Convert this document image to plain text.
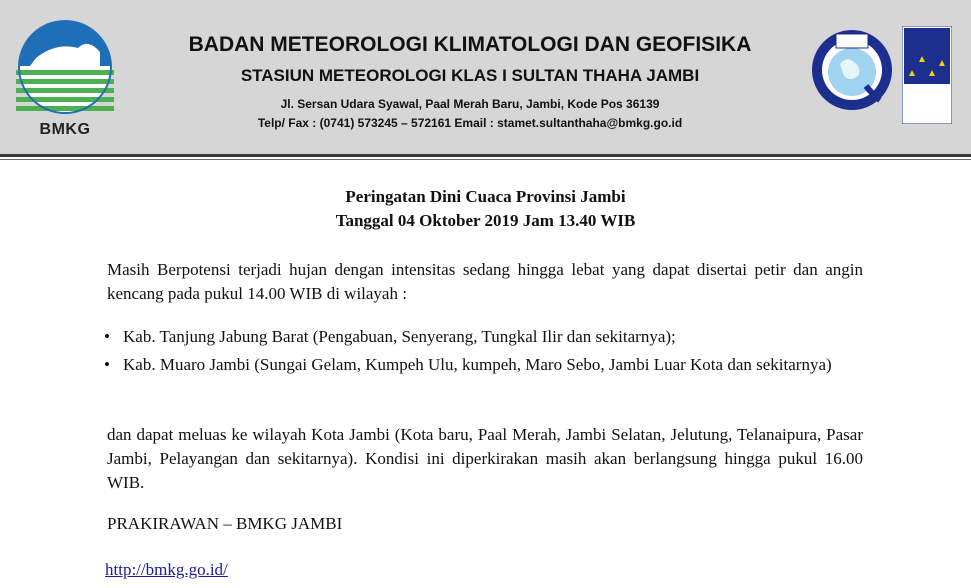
BMKG
BADAN METEOROLOGI KLIMATOLOGI DAN GEOFISIKA
STASIUN METEOROLOGI KLAS I SULTAN THAHA JAMBI
Jl. Sersan Udara Syawal, Paal Merah Baru, Jambi, Kode Pos 36139
Telp/ Fax : (0741) 573245 – 572161 Email : stamet.sultanthaha@bmkg.go.id
Peringatan Dini Cuaca Provinsi Jambi
Tanggal 04 Oktober 2019 Jam 13.40 WIB
Masih Berpotensi terjadi hujan dengan intensitas sedang hingga lebat yang dapat disertai petir dan angin kencang pada pukul 14.00 WIB di wilayah :
• Kab. Tanjung Jabung Barat (Pengabuan, Senyerang, Tungkal Ilir dan sekitarnya);
• Kab. Muaro Jambi (Sungai Gelam, Kumpeh Ulu, kumpeh, Maro Sebo, Jambi Luar Kota dan sekitarnya)
dan dapat meluas ke wilayah Kota Jambi (Kota baru, Paal Merah, Jambi Selatan, Jelutung, Telanaipura, Pasar Jambi, Pelayangan dan sekitarnya). Kondisi ini diperkirakan masih akan berlangsung hingga pukul 16.00 WIB.
PRAKIRAWAN – BMKG JAMBI
http://bmkg.go.id/
